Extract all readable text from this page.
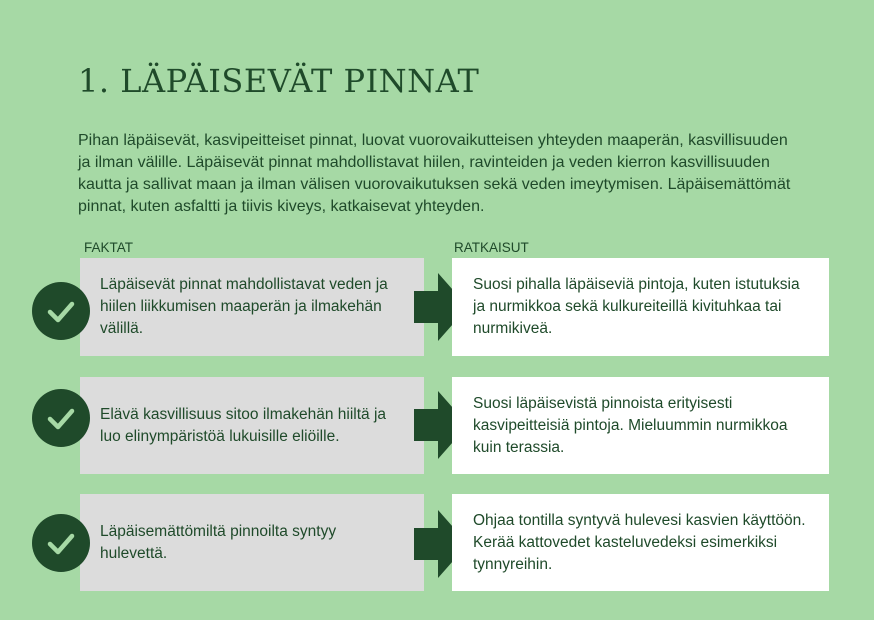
1. LÄPÄISEVÄT PINNAT

Pihan läpäisevät, kasvipeitteiset pinnat, luovat vuorovaikutteisen yhteyden maaperän, kasvillisuuden ja ilman välille. Läpäisevät pinnat mahdollistavat hiilen, ravinteiden ja veden kierron kasvillisuuden kautta ja sallivat maan ja ilman välisen vuorovaikutuksen sekä veden imeytymisen. Läpäisemättömät pinnat, kuten asfaltti ja tiivis kiveys, katkaisevat yhteyden.

FAKTAT	RATKAISUT
Läpäisevät pinnat mahdollistavat veden ja hiilen liikkumisen maaperän ja ilmakehän välillä.
Suosi pihalla läpäiseviä pintoja, kuten istutuksia ja nurmikkoa sekä kulkureiteillä kivituhkaa tai nurmikiveä.
Elävä kasvillisuus sitoo ilmakehän hiiltä ja luo elinympäristöä lukuisille eliöille.
Suosi läpäisevistä pinnoista erityisesti kasvipeitteisiä pintoja. Mieluummin nurmikkoa kuin terassia.
Läpäisemättömiltä pinnoilta syntyy hulevettä.
Ohjaa tontilla syntyvä hulevesi kasvien käyttöön. Kerää kattovedet kasteluvedeksi esimerkiksi tynnyreihin.
